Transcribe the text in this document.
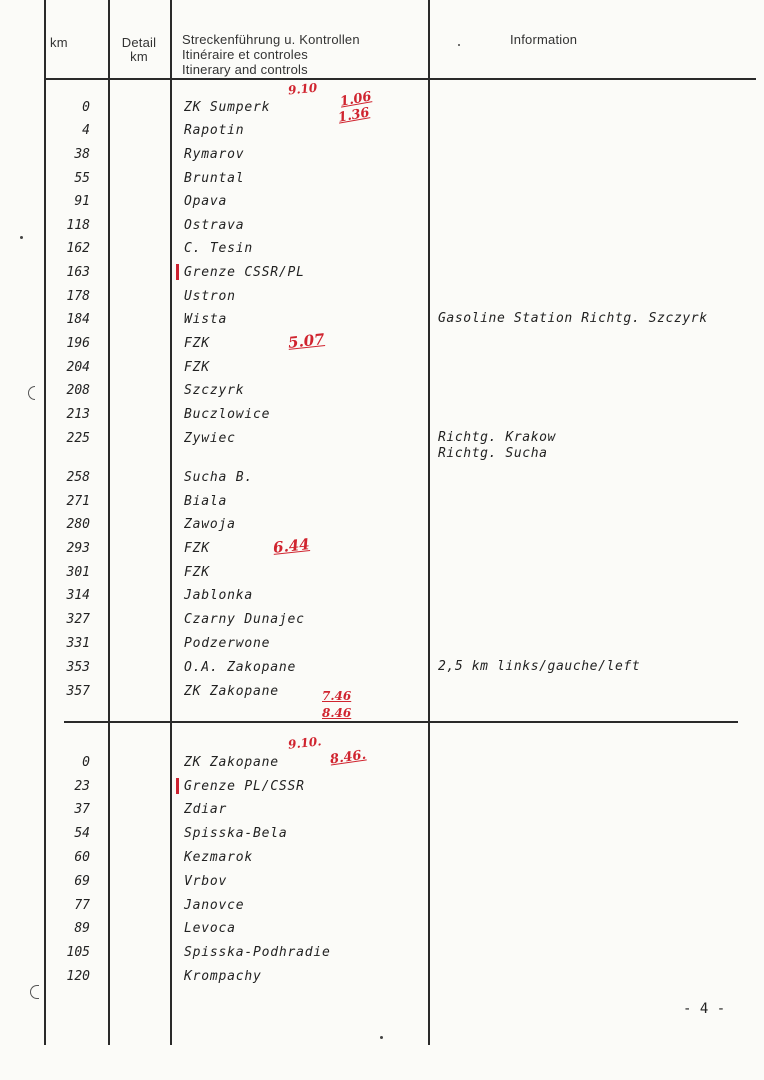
km	Detail
km
Streckenführung u. Kontrollen
Itinéraire et controles
Itinerary and controls
Information
0	ZK Sumperk
4	Rapotin
38	Rymarov
55	Bruntal
91	Opava
118	Ostrava
162	C. Tesin
163	Grenze CSSR/PL
178	Ustron
184	Wista	Gasoline Station Richtg. Szczyrk
196	FZK
204	FZK
208	Szczyrk
213	Buczlowice
225	Zywiec	Richtg. Krakow
Richtg. Sucha
258	Sucha B.
271	Biala
280	Zawoja
293	FZK
301	FZK
314	Jablonka
327	Czarny Dunajec
331	Podzerwone
353	O.A. Zakopane	2,5 km links/gauche/left
357	ZK Zakopane
0	ZK Zakopane
23	Grenze PL/CSSR
37	Zdiar
54	Spisska-Bela
60	Kezmarok
69	Vrbov
77	Janovce
89	Levoca
105	Spisska-Podhradie
120	Krompachy
9.10
1.06
1.36
5.07
6.44
7.46
8.46
9.10.
8.46.
- 4 -
